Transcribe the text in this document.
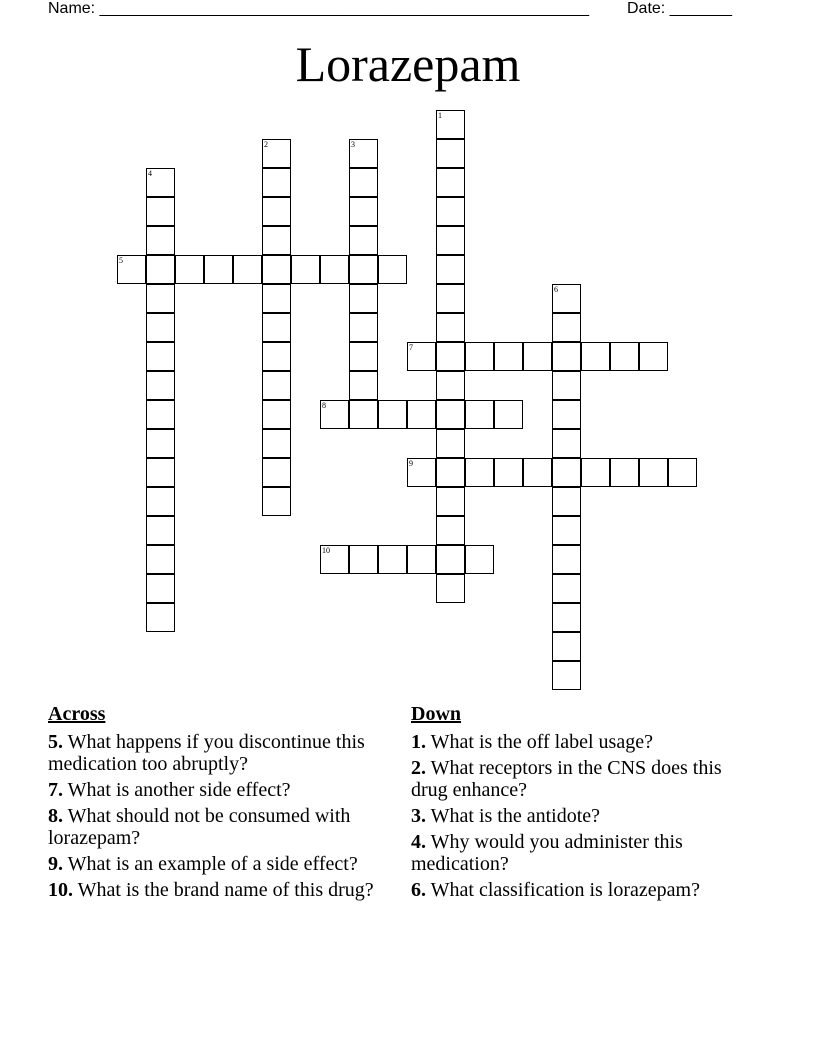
Name: _______________________________________________________ Date: _______
Lorazepam
1
2	3
4
5
6
7
8
9
10
Across
5. What happens if you discontinue this medication too abruptly?
7. What is another side effect?
8. What should not be consumed with lorazepam?
9. What is an example of a side effect?
10. What is the brand name of this drug?
Down
1. What is the off label usage?
2. What receptors in the CNS does this drug enhance?
3. What is the antidote?
4. Why would you administer this medication?
6. What classification is lorazepam?
